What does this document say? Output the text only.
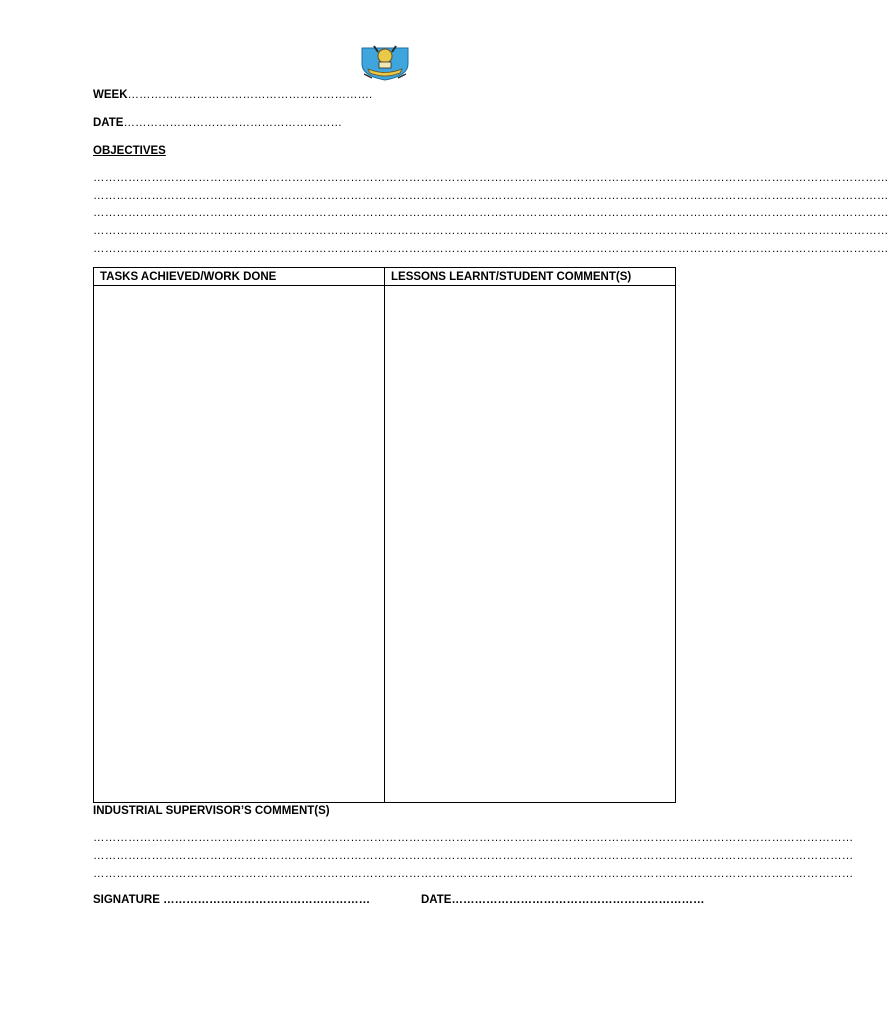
WEEK……………………………………………………….
DATE…………………………………………………
OBJECTIVES
……………………………………………………………………………………………………………………………………………………………………………………
……………………………………………………………………………………………………………………………………………………………………………………
……………………………………………………………………………………………………………………………………………………………………………………
……………………………………………………………………………………………………………………………………………………………………………………
……………………………………………………………………………………………………………………………………………………………………………………
TASKS ACHIEVED/WORK DONE	LESSONS LEARNT/STUDENT COMMENT(S)

INDUSTRIAL SUPERVISOR’S COMMENT(S)
……………………………………………………………………………………………………………………………………………………………………………
……………………………………………………………………………………………………………………………………………………………………………
……………………………………………………………………………………………………………………………………………………………………………
SIGNATURE ………………………………………………	DATE…………………………………………………………
